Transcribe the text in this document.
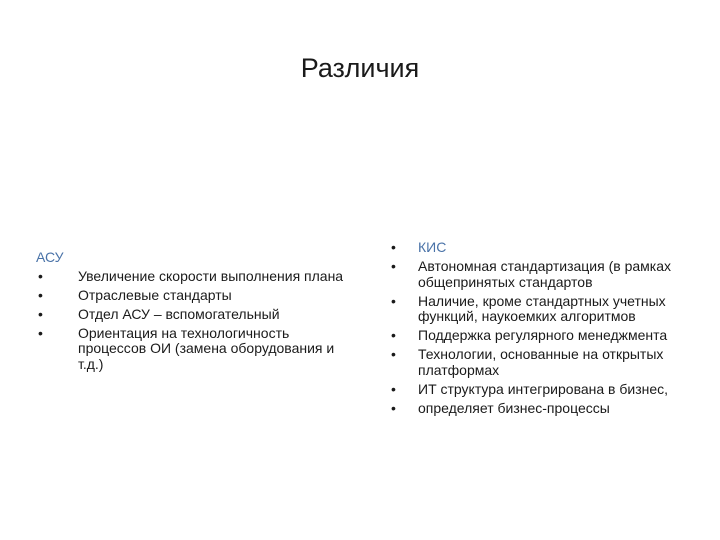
Различия
АСУ
•	Увеличение скорости выполнения плана
•	Отраслевые стандарты
•	Отдел АСУ – вспомогательный
•	Ориентация на технологичность процессов ОИ (замена оборудования и т.д.)
•	КИС
•	Автономная стандартизация (в рамках общепринятых стандартов
•	Наличие, кроме стандартных учетных функций, наукоемких алгоритмов
•	Поддержка регулярного менеджмента
•	Технологии, основанные на открытых платформах
•	ИТ структура интегрирована в бизнес,
•	определяет бизнес-процессы
